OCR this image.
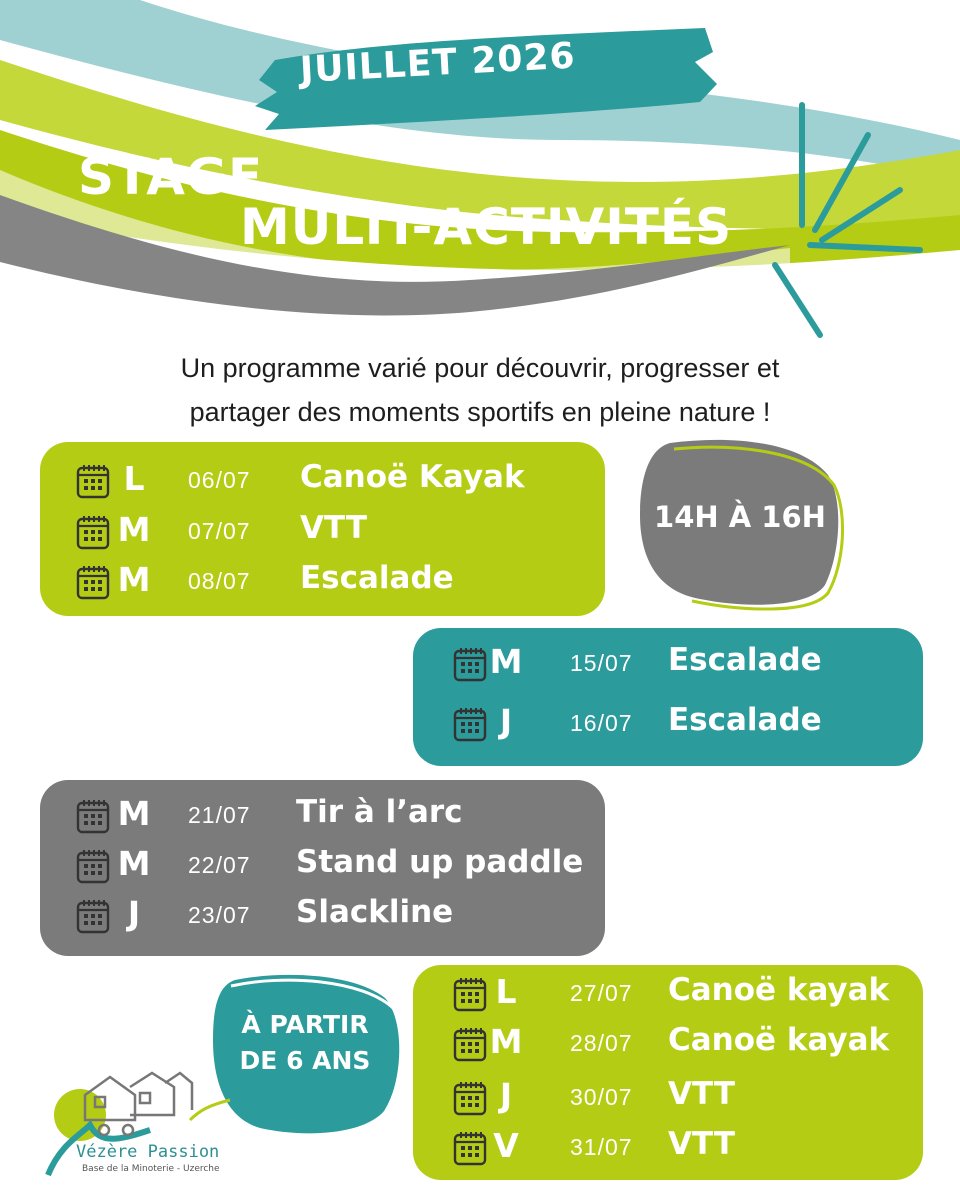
JUILLET 2026
STAGE
MULTI-ACTIVITÉS
Un programme varié pour découvrir, progresser et
partager des moments sportifs en pleine nature !
L	06/07 Canoë Kayak
M 07/07 VTT
M 08/07 Escalade
M 15/07 Escalade
J	16/07 Escalade
M 21/07 Tir à l’arc
M 22/07 Stand up paddle
J	23/07 Slackline
L	27/07 Canoë kayak
M 28/07 Canoë kayak
J	30/07 VTT
V	31/07 VTT
14H À 16H
À PARTIR
DE 6 ANS
Vézère Passion
Base de la Minoterie - Uzerche
